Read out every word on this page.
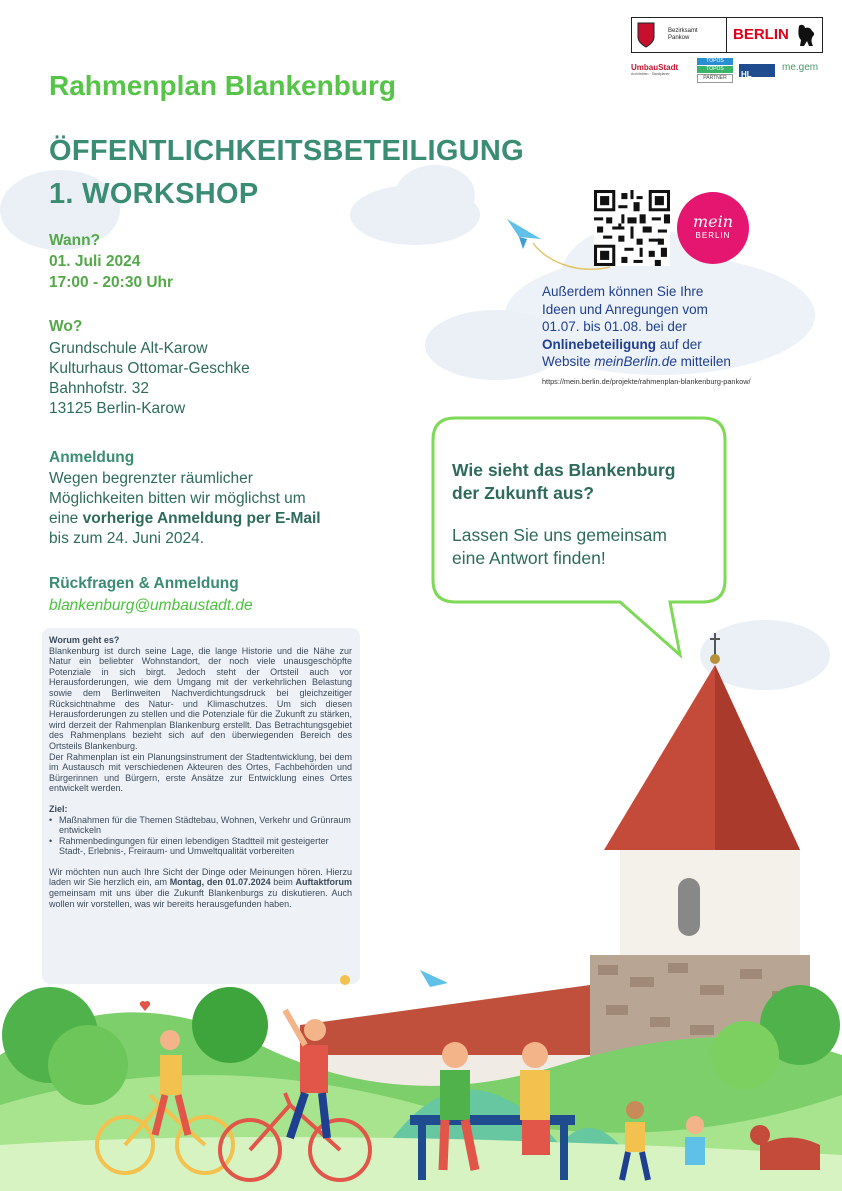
Bezirksamt
Pankow	BERLIN
UmbauStadt
Architekten · Stadtplaner
TOPOS
TOPOS
PARTNER	HL
me.gem
Rahmenplan Blankenburg
ÖFFENTLICHKEITSBETEILIGUNG
1. WORKSHOP
Wann?
01. Juli 2024
17:00 - 20:30 Uhr
Wo?
Grundschule Alt-Karow
Kulturhaus Ottomar-Geschke
Bahnhofstr. 32
13125 Berlin-Karow
Anmeldung
Wegen begrenzter räumlicher
Möglichkeiten bitten wir möglichst um
eine vorherige Anmeldung per E-Mail
bis zum 24. Juni 2024.
Rückfragen & Anmeldung
blankenburg@umbaustadt.de
mein
BERLIN
Außerdem können Sie Ihre
Ideen und Anregungen vom
01.07. bis 01.08. bei der
Onlinebeteiligung auf der
Website meinBerlin.de mitteilen
https://mein.berlin.de/projekte/rahmenplan-blankenburg-pankow/
Wie sieht das Blankenburg
der Zukunft aus?
Lassen Sie uns gemeinsam
eine Antwort finden!
Worum geht es?
Blankenburg ist durch seine Lage, die lange Historie und die Nähe zur Natur ein beliebter Wohnstandort, der noch viele unausgeschöpfte Potenziale in sich birgt. Jedoch steht der Ortsteil auch vor Herausforderungen, wie dem Umgang mit der verkehrlichen Belastung sowie dem Berlinweiten Nachverdichtungsdruck bei gleichzeitiger Rücksichtnahme des Natur- und Klimaschutzes. Um sich diesen Herausforderungen zu stellen und die Potenziale für die Zukunft zu stärken, wird derzeit der Rahmenplan Blankenburg erstellt. Das Betrachtungsgebiet des Rahmenplans bezieht sich auf den überwiegenden Bereich des Ortsteils Blankenburg.
Der Rahmenplan ist ein Planungsinstrument der Stadtentwicklung, bei dem im Austausch mit verschiedenen Akteuren des Ortes, Fachbehörden und Bürgerinnen und Bürgern, erste Ansätze zur Entwicklung eines Ortes entwickelt werden.
Ziel:
• Maßnahmen für die Themen Städtebau, Wohnen, Verkehr und Grünraum entwickeln
• Rahmenbedingungen für einen lebendigen Stadtteil mit gesteigerter Stadt-, Erlebnis-, Freiraum- und Umweltqualität vorbereiten
Wir möchten nun auch Ihre Sicht der Dinge oder Meinungen hören. Hierzu laden wir Sie herzlich ein, am Montag, den 01.07.2024 beim Auftaktforum gemeinsam mit uns über die Zukunft Blankenburgs zu diskutieren. Auch wollen wir vorstellen, was wir bereits herausgefunden haben.
